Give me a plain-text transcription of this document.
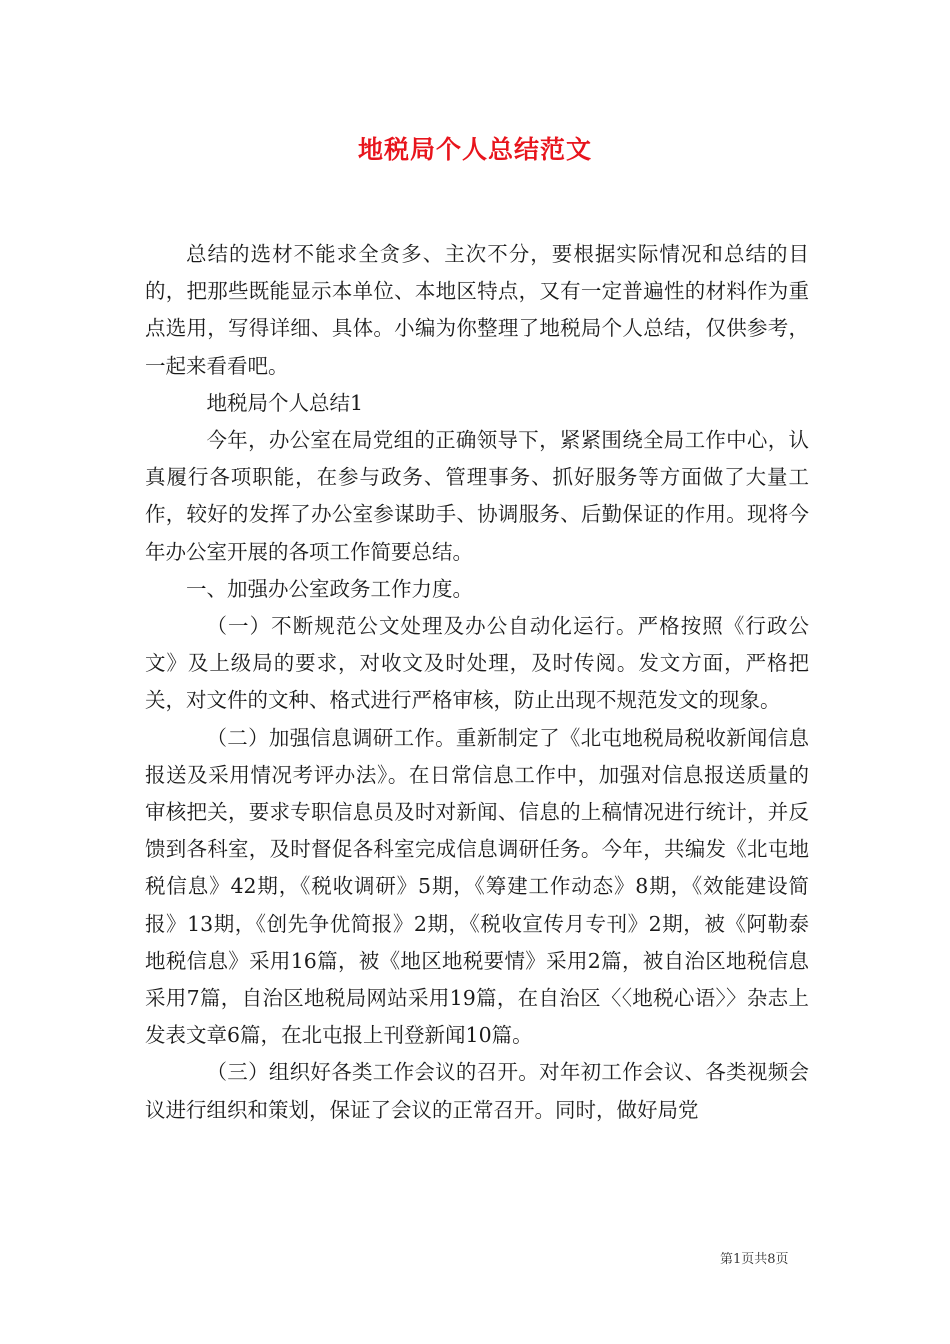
地税局个人总结范文

总结的选材不能求全贪多、主次不分，要根据实际情况和总结的目的，把那些既能显示本单位、本地区特点，又有一定普遍性的材料作为重点选用，写得详细、具体。小编为你整理了地税局个人总结，仅供参考，一起来看看吧。

地税局个人总结1

今年，办公室在局党组的正确领导下，紧紧围绕全局工作中心，认真履行各项职能，在参与政务、管理事务、抓好服务等方面做了大量工作，较好的发挥了办公室参谋助手、协调服务、后勤保证的作用。现将今年办公室开展的各项工作简要总结。

一、加强办公室政务工作力度。

（一）不断规范公文处理及办公自动化运行。严格按照《行政公文》及上级局的要求，对收文及时处理，及时传阅。发文方面，严格把关，对文件的文种、格式进行严格审核，防止出现不规范发文的现象。

（二）加强信息调研工作。重新制定了《北屯地税局税收新闻信息报送及采用情况考评办法》。在日常信息工作中，加强对信息报送质量的审核把关，要求专职信息员及时对新闻、信息的上稿情况进行统计，并反馈到各科室，及时督促各科室完成信息调研任务。今年，共编发《北屯地税信息》42期，《税收调研》5期，《筹建工作动态》8期，《效能建设简报》13期，《创先争优简报》2期，《税收宣传月专刊》2期，被《阿勒泰地税信息》采用16篇，被《地区地税要情》采用2篇，被自治区地税信息采用7篇，自治区地税局网站采用19篇，在自治区〈〈地税心语〉〉杂志上发表文章6篇，在北屯报上刊登新闻10篇。

（三）组织好各类工作会议的召开。对年初工作会议、各类视频会议进行组织和策划，保证了会议的正常召开。同时，做好局党

第1页共8页
